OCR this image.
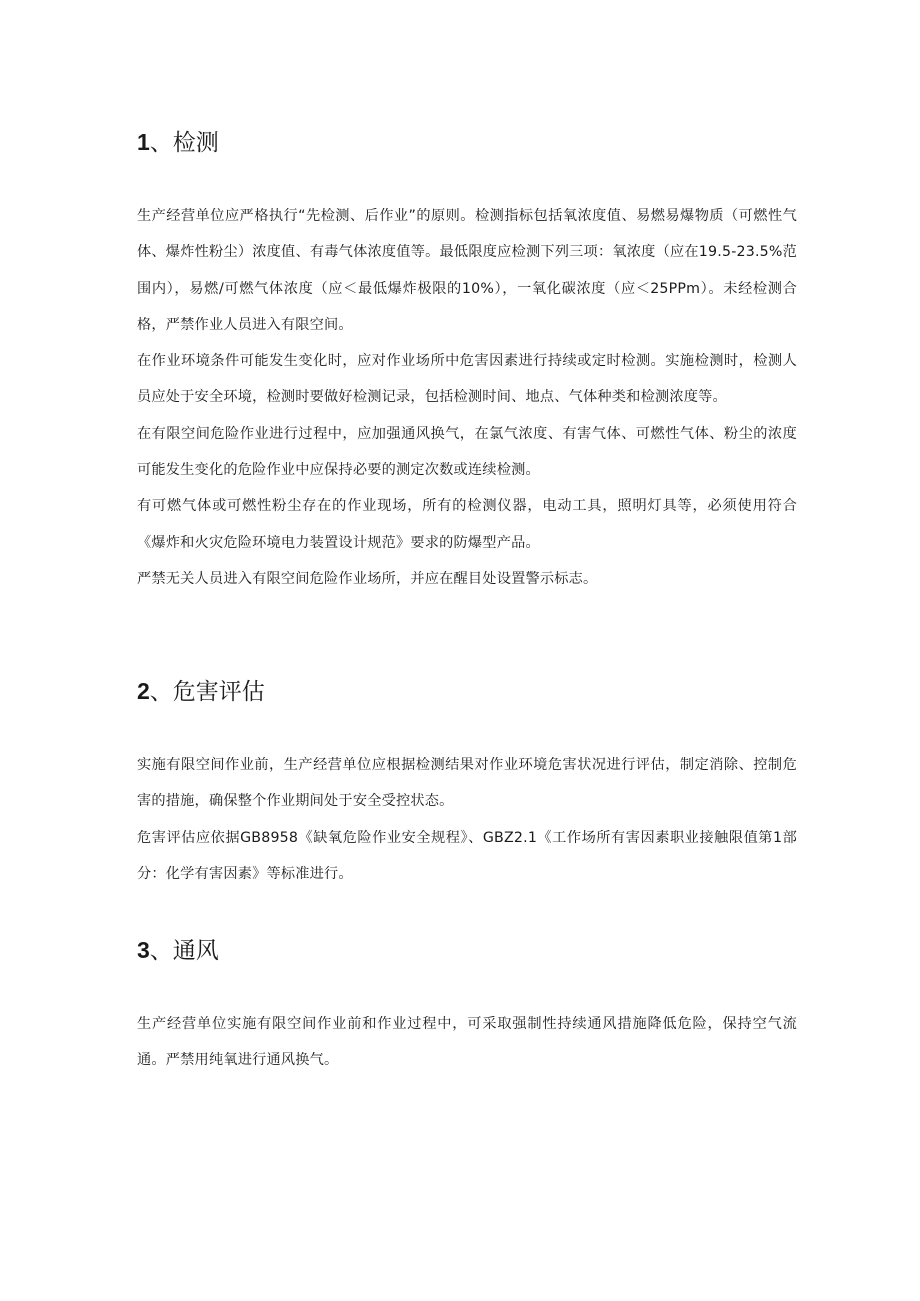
1、检测

生产经营单位应严格执行“先检测、后作业”的原则。检测指标包括氧浓度值、易燃易爆物质（可燃性气体、爆炸性粉尘）浓度值、有毒气体浓度值等。最低限度应检测下列三项：氧浓度（应在19.5-23.5%范围内），易燃/可燃气体浓度（应＜最低爆炸极限的10%），一氧化碳浓度（应＜25PPm）。未经检测合格，严禁作业人员进入有限空间。

在作业环境条件可能发生变化时，应对作业场所中危害因素进行持续或定时检测。实施检测时，检测人员应处于安全环境，检测时要做好检测记录，包括检测时间、地点、气体种类和检测浓度等。

在有限空间危险作业进行过程中，应加强通风换气，在氯气浓度、有害气体、可燃性气体、粉尘的浓度可能发生变化的危险作业中应保持必要的测定次数或连续检测。

有可燃气体或可燃性粉尘存在的作业现场，所有的检测仪器，电动工具，照明灯具等，必须使用符合《爆炸和火灾危险环境电力装置设计规范》要求的防爆型产品。

严禁无关人员进入有限空间危险作业场所，并应在醒目处设置警示标志。

2、危害评估

实施有限空间作业前，生产经营单位应根据检测结果对作业环境危害状况进行评估，制定消除、控制危害的措施，确保整个作业期间处于安全受控状态。

危害评估应依据GB8958《缺氧危险作业安全规程》、GBZ2.1《工作场所有害因素职业接触限值第1部分：化学有害因素》等标准进行。

3、通风

生产经营单位实施有限空间作业前和作业过程中，可采取强制性持续通风措施降低危险，保持空气流通。严禁用纯氧进行通风换气。
